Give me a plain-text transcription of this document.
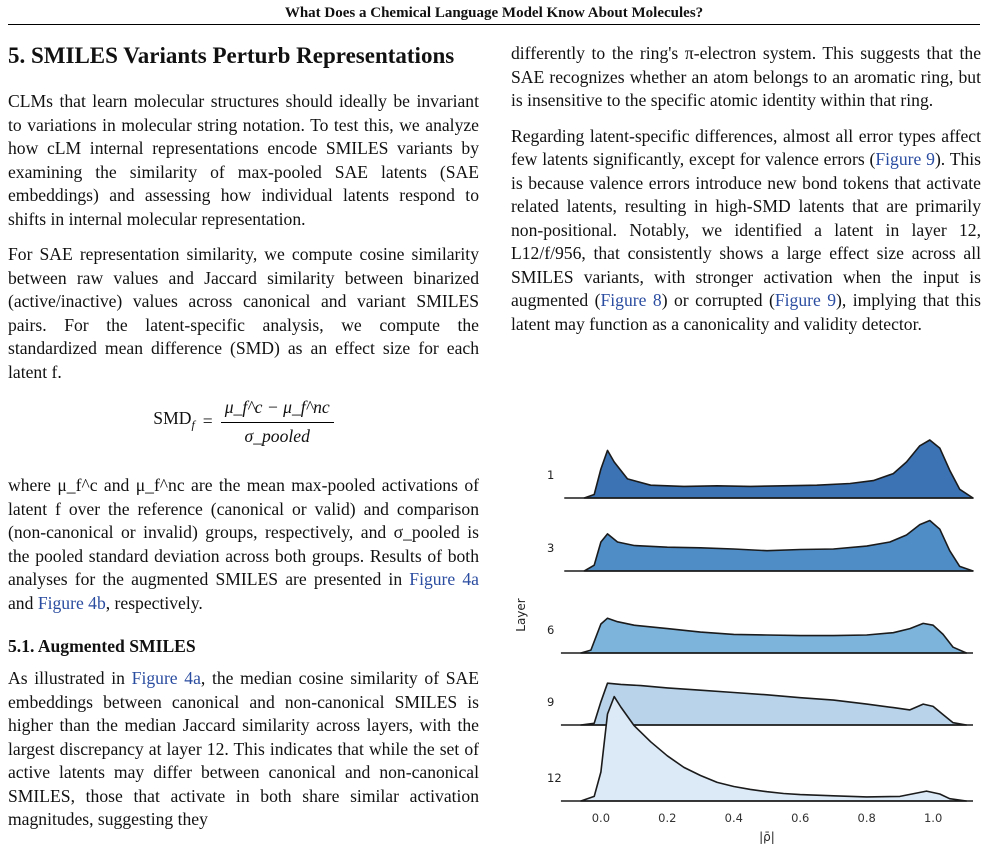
What Does a Chemical Language Model Know About Molecules?
5. SMILES Variants Perturb Representations

CLMs that learn molecular structures should ideally be invariant to variations in molecular string notation. To test this, we analyze how cLM internal representations encode SMILES variants by examining the similarity of max-pooled SAE latents (SAE embeddings) and assessing how individual latents respond to shifts in internal molecular representation.

For SAE representation similarity, we compute cosine similarity between raw values and Jaccard similarity between binarized (active/inactive) values across canonical and variant SMILES pairs. For the latent-specific analysis, we compute the standardized mean difference (SMD) as an effect size for each latent f.

$SMD_f = \frac{\mu\_f\^{}c - \mu\_f\^{}nc}{\text{σ\_pooled}}$

where μ_f^c and μ_f^nc are the mean max-pooled activations of latent f over the reference (canonical or valid) and comparison (non-canonical or invalid) groups, respectively, and σ_pooled is the pooled standard deviation across both groups. Results of both analyses for the augmented SMILES are presented in Figure 4a and Figure 4b, respectively.

5.1. Augmented SMILES

As illustrated in Figure 4a, the median cosine similarity of SAE embeddings between canonical and non-canonical SMILES is higher than the median Jaccard similarity across layers, with the largest discrepancy at layer 12. This indicates that while the set of active latents may differ between canonical and non-canonical SMILES, those that activate in both share similar activation magnitudes, suggesting they

differently to the ring's π-electron system. This suggests that the SAE recognizes whether an atom belongs to an aromatic ring, but is insensitive to the specific atomic identity within that ring.

Regarding latent-specific differences, almost all error types affect few latents significantly, except for valence errors (Figure 9). This is because valence errors introduce new bond tokens that activate related latents, resulting in high-SMD latents that are primarily non-positional. Notably, we identified a latent in layer 12, L12/f/956, that consistently shows a large effect size across all SMILES variants, with stronger activation when the input is augmented (Figure 8) or corrupted (Figure 9), implying that this latent may function as a canonicality and validity detector.

1
3
6
9
12
0.0	0.2	0.4	0.6	0.8	1.0
|ρ̄|
Layer
